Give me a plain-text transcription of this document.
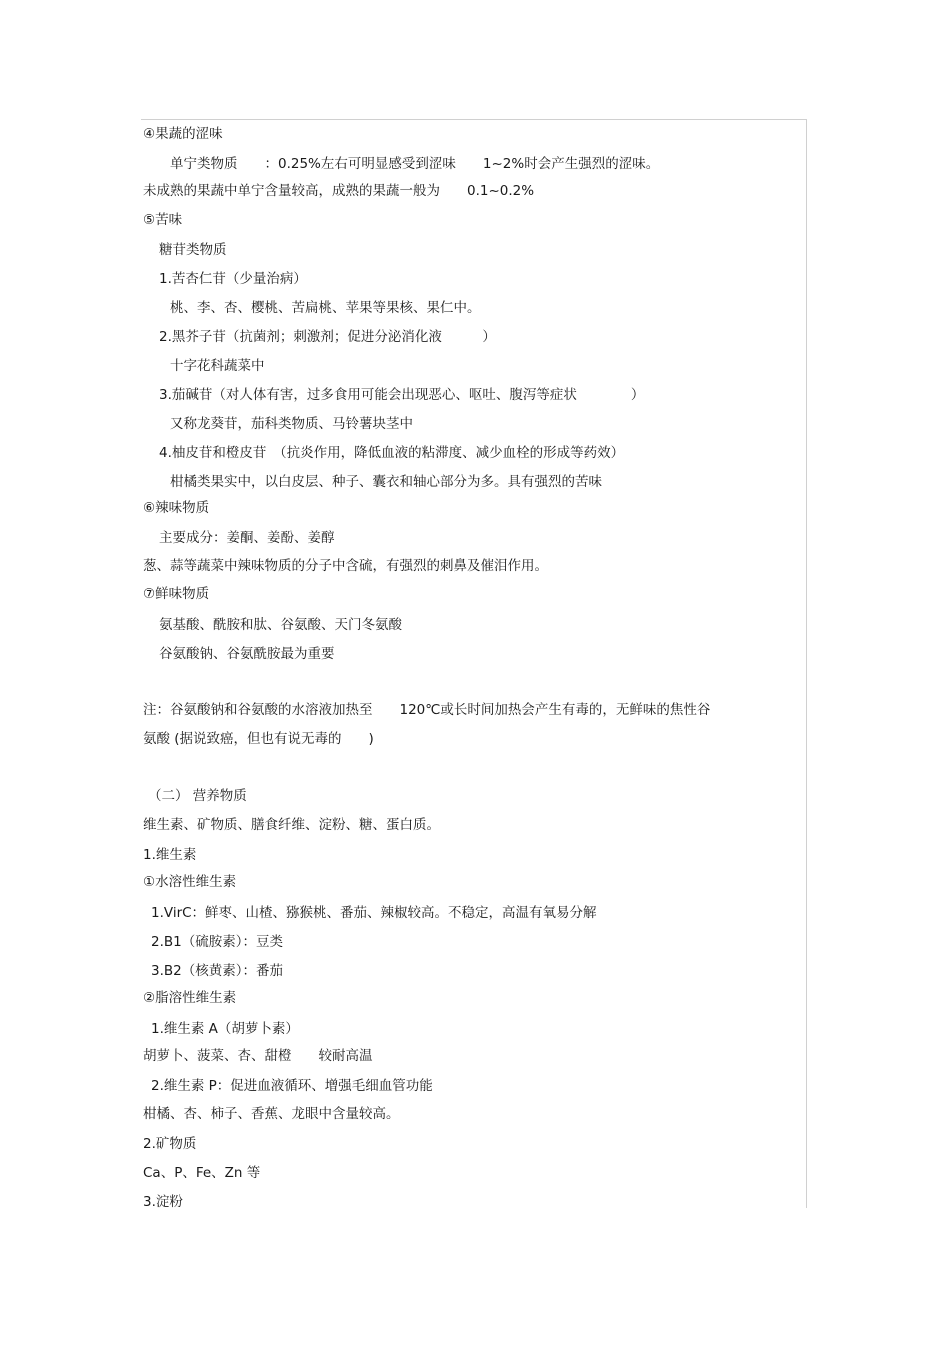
④果蔬的涩味
单宁类物质　　：0.25%左右可明显感受到涩味　　1~2%时会产生强烈的涩味。
未成熟的果蔬中单宁含量较高，成熟的果蔬一般为　　0.1~0.2%
⑤苦味
糖苷类物质
1.苦杏仁苷（少量治病）
桃、李、杏、樱桃、苦扁桃、苹果等果核、果仁中。
2.黑芥子苷（抗菌剂；刺激剂；促进分泌消化液　　　）
十字花科蔬菜中
3.茄碱苷（对人体有害，过多食用可能会出现恶心、呕吐、腹泻等症状　　　　）
又称龙葵苷，茄科类物质、马铃薯块茎中
4.柚皮苷和橙皮苷　（抗炎作用，降低血液的粘滞度、减少血栓的形成等药效）
柑橘类果实中，以白皮层、种子、囊衣和轴心部分为多。具有强烈的苦味
⑥辣味物质
主要成分：姜酮、姜酚、姜醇
葱、蒜等蔬菜中辣味物质的分子中含硫，有强烈的刺鼻及催泪作用。
⑦鲜味物质
氨基酸、酰胺和肽、谷氨酸、天门冬氨酸
谷氨酸钠、谷氨酰胺最为重要
注：谷氨酸钠和谷氨酸的水溶液加热至　　120℃或长时间加热会产生有毒的，无鲜味的焦性谷
氨酸 (据说致癌，但也有说无毒的　　)
（二） 营养物质
维生素、矿物质、膳食纤维、淀粉、糖、蛋白质。
1.维生素
①水溶性维生素
1.VirC：鲜枣、山楂、猕猴桃、番茄、辣椒较高。不稳定，高温有氧易分解
2.B1（硫胺素）：豆类
3.B2（核黄素）：番茄
②脂溶性维生素
1.维生素 A（胡萝卜素）
胡萝卜、菠菜、杏、甜橙　　较耐高温
2.维生素 P：促进血液循环、增强毛细血管功能
柑橘、杏、柿子、香蕉、龙眼中含量较高。
2.矿物质
Ca、P、Fe、Zn 等
3.淀粉
